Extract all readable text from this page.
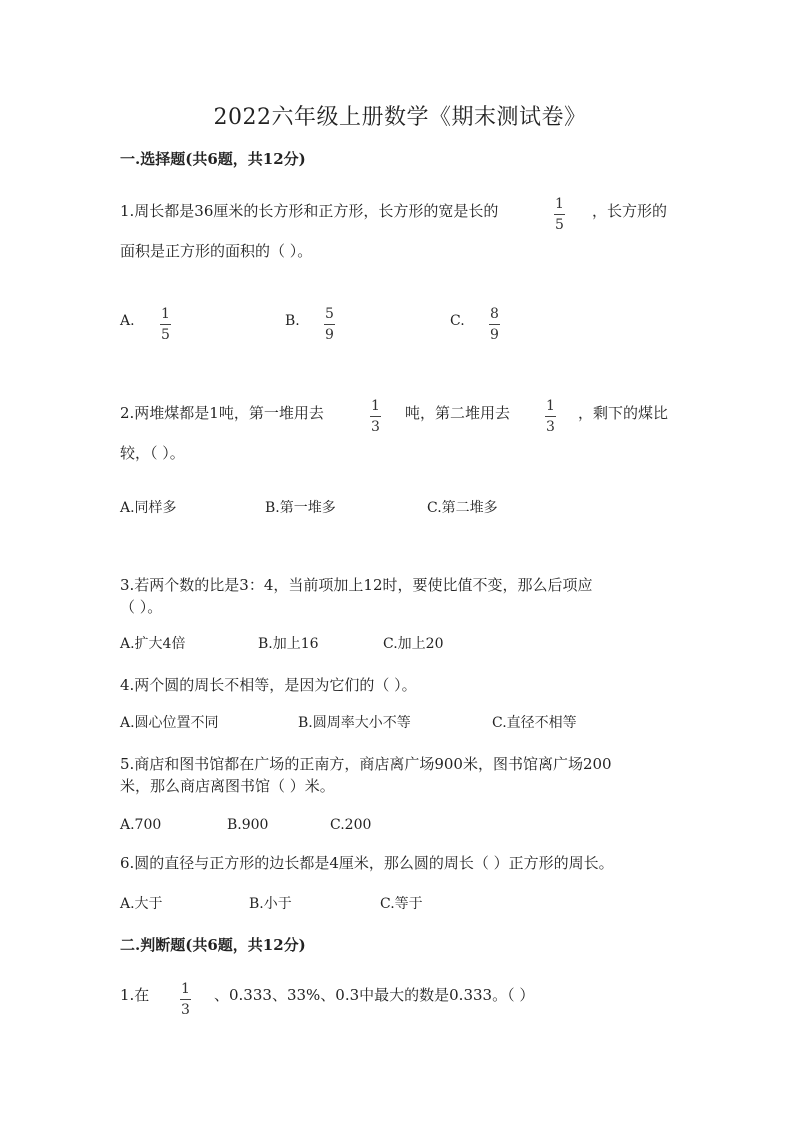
2022六年级上册数学《期末测试卷》
一.选择题(共6题，共12分)
1.周长都是36厘米的长方形和正方形，长方形的宽是长的	1
5
，长方形的
面积是正方形的面积的（ ）。
A. 1
5
B. 5
9
C. 8
9
2.两堆煤都是1吨，第一堆用去	1
3
吨，第二堆用去	1
3
，剩下的煤比
较，（ ）。
A.同样多	B.第一堆多	C.第二堆多
3.若两个数的比是3：4，当前项加上12时，要使比值不变，那么后项应
（ ）。
A.扩大4倍	B.加上16	C.加上20
4.两个圆的周长不相等，是因为它们的（ ）。
A.圆心位置不同	B.圆周率大小不等	C.直径不相等
5.商店和图书馆都在广场的正南方，商店离广场900米，图书馆离广场200
米，那么商店离图书馆（ ）米。
A.700	B.900	C.200
6.圆的直径与正方形的边长都是4厘米，那么圆的周长（ ）正方形的周长。
A.大于	B.小于	C.等于
二.判断题(共6题，共12分)
1.在 1
3
、0.333、33%、0.3中最大的数是0.333。（ ）
